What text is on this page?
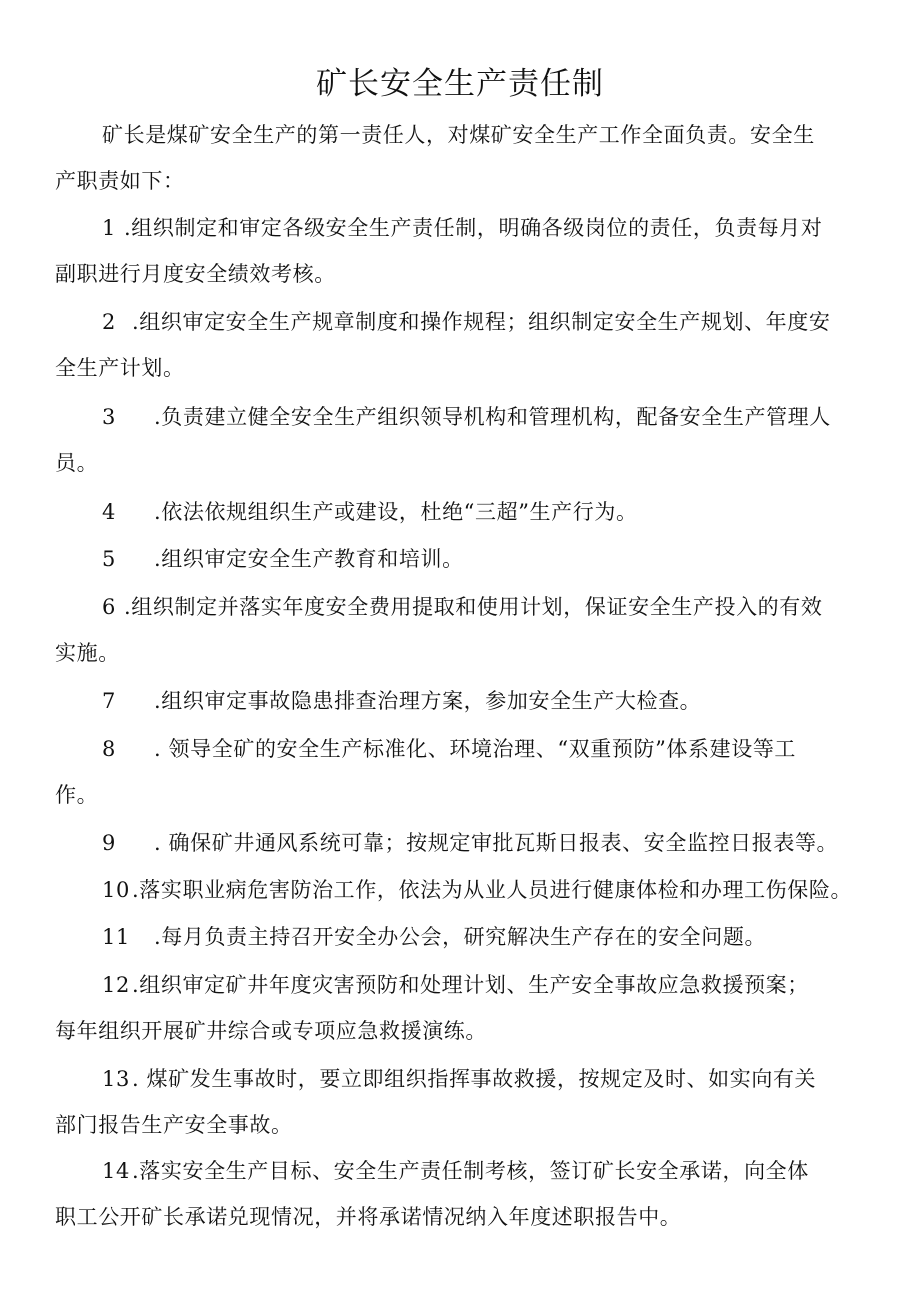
矿长安全生产责任制

矿长是煤矿安全生产的第一责任人，对煤矿安全生产工作全面负责。安全生
产职责如下：

1 .组织制定和审定各级安全生产责任制，明确各级岗位的责任，负责每月对
副职进行月度安全绩效考核。

2 .组织审定安全生产规章制度和操作规程；组织制定安全生产规划、年度安
全生产计划。

3 .负责建立健全安全生产组织领导机构和管理机构，配备安全生产管理人
员。

4 .依法依规组织生产或建设，杜绝“三超”生产行为。

5 .组织审定安全生产教育和培训。

6 .组织制定并落实年度安全费用提取和使用计划，保证安全生产投入的有效
实施。

7 .组织审定事故隐患排查治理方案，参加安全生产大检查。

8 . 领导全矿的安全生产标准化、环境治理、“双重预防”体系建设等工
作。

9 . 确保矿井通风系统可靠；按规定审批瓦斯日报表、安全监控日报表等。

10.落实职业病危害防治工作，依法为从业人员进行健康体检和办理工伤保险。

11 .每月负责主持召开安全办公会，研究解决生产存在的安全问题。

12.组织审定矿井年度灾害预防和处理计划、生产安全事故应急救援预案；
每年组织开展矿井综合或专项应急救援演练。

13. 煤矿发生事故时，要立即组织指挥事故救援，按规定及时、如实向有关
部门报告生产安全事故。

14.落实安全生产目标、安全生产责任制考核，签订矿长安全承诺，向全体
职工公开矿长承诺兑现情况，并将承诺情况纳入年度述职报告中。
